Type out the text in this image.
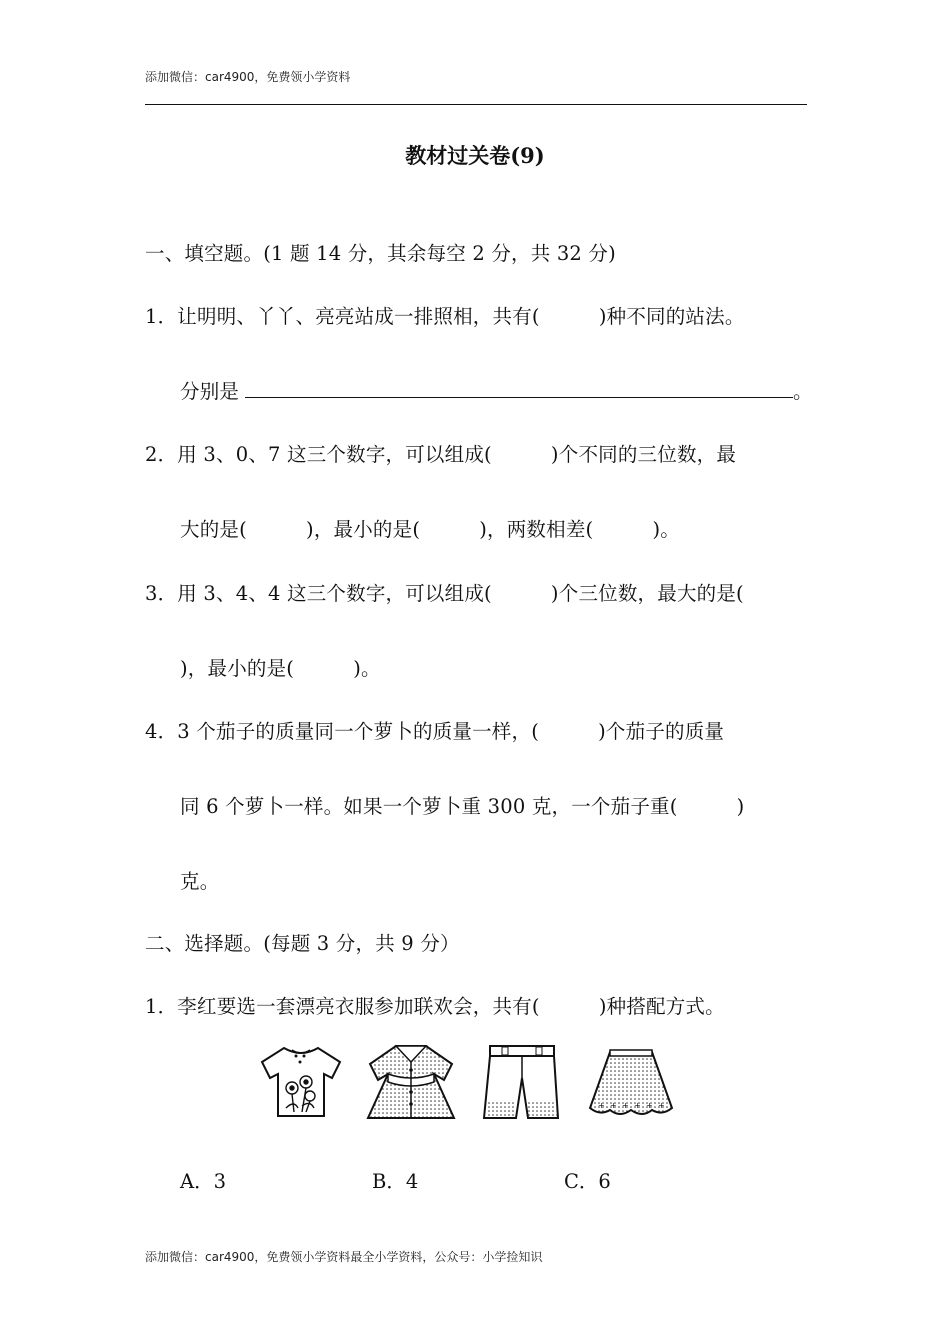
添加微信：car4900，免费领小学资料
教材过关卷(9)
一、填空题。(1 题 14 分，其余每空 2 分，共 32 分)
1．让明明、丫丫、亮亮站成一排照相，共有(　　　)种不同的站法。
分别是	。
2．用 3、0、7 这三个数字，可以组成(　　　)个不同的三位数，最
大的是(　　　)，最小的是(　　　)，两数相差(　　　)。
3．用 3、4、4 这三个数字，可以组成(　　　)个三位数，最大的是(
)，最小的是(　　　)。
4．3 个茄子的质量同一个萝卜的质量一样，(　　　)个茄子的质量
同 6 个萝卜一样。如果一个萝卜重 300 克，一个茄子重(　　　)
克。
二、选择题。(每题 3 分，共 9 分）
1．李红要选一套漂亮衣服参加联欢会，共有(　　　)种搭配方式。
+ + + + + +
A．3	B．4	C．6
添加微信：car4900，免费领小学资料最全小学资料，公众号：小学捡知识
